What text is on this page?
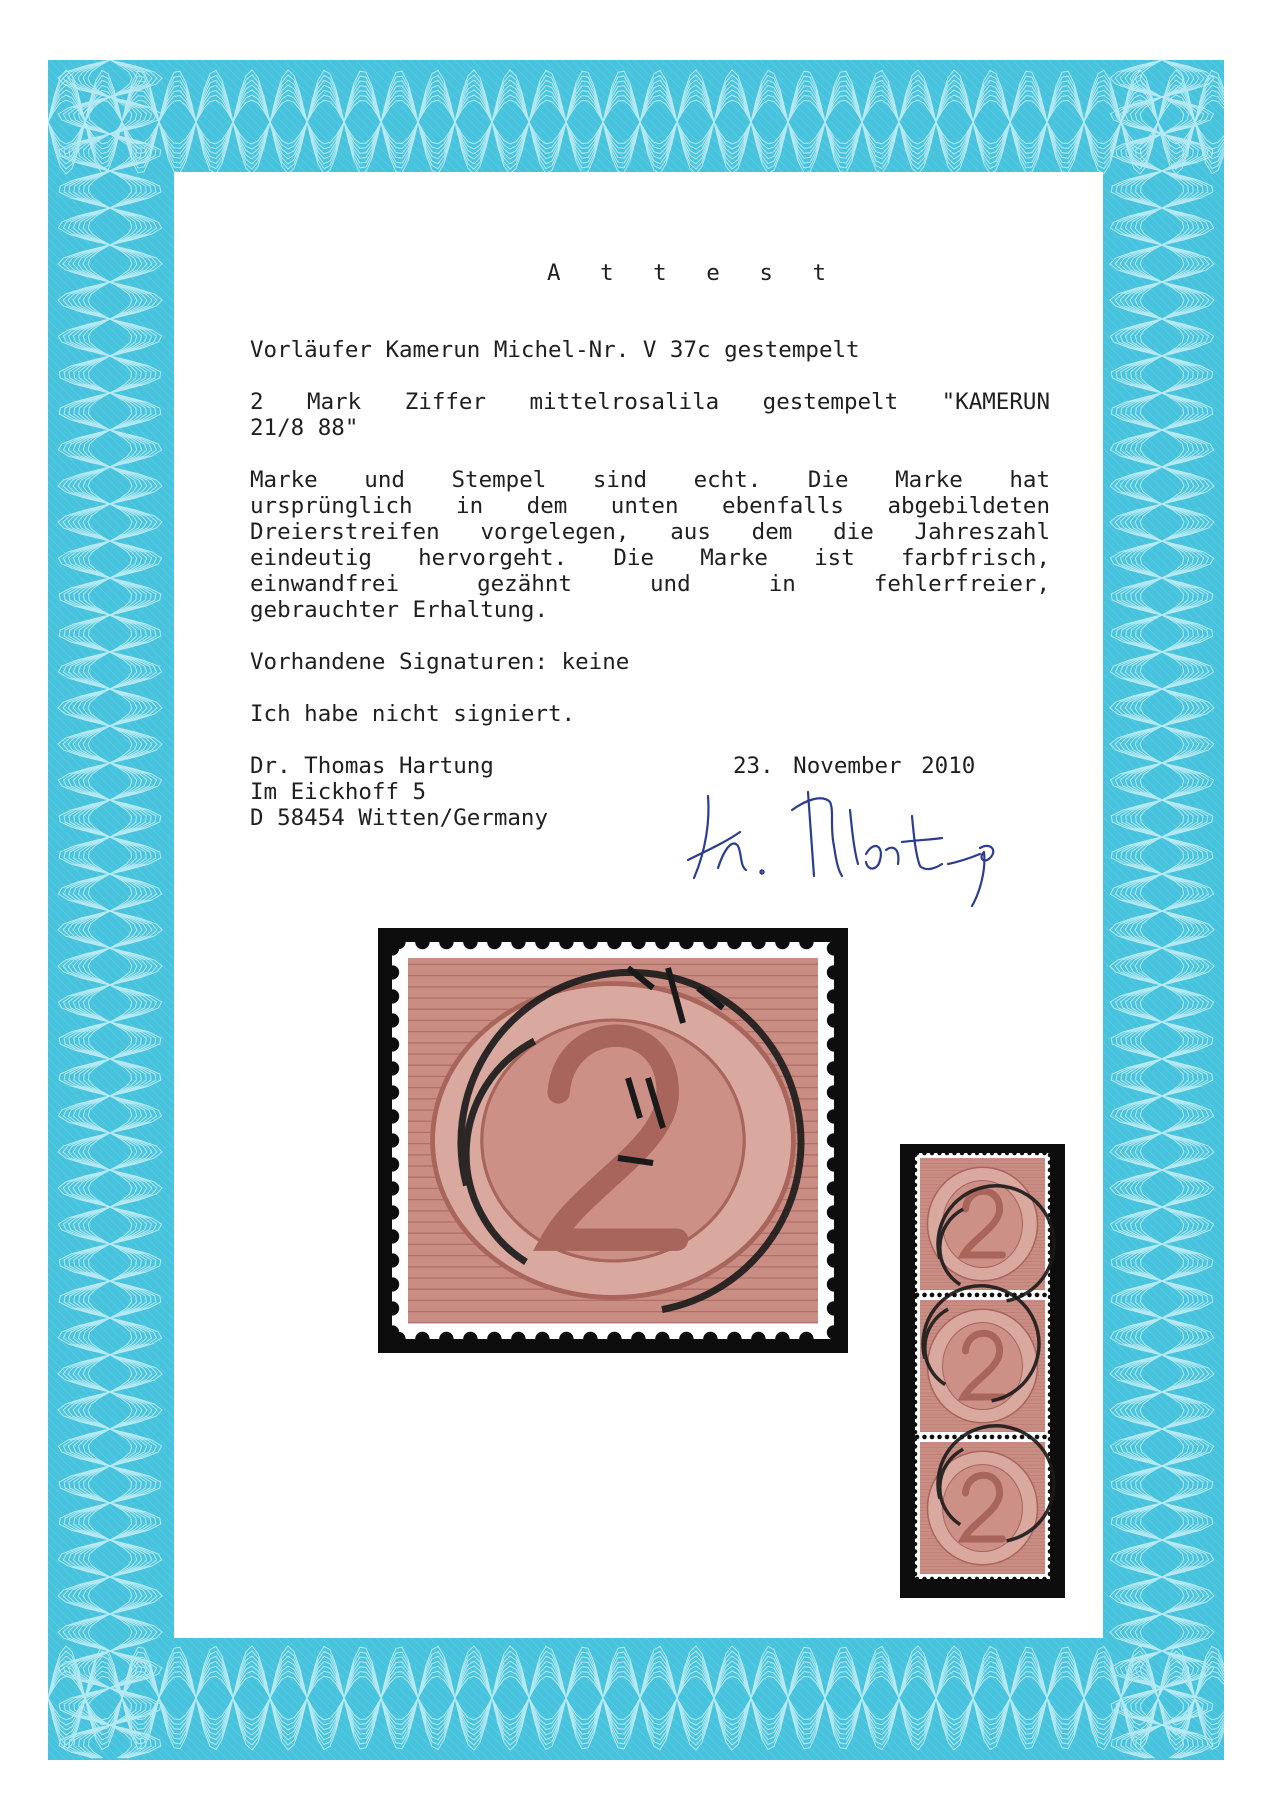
A t t e s t
Vorläufer Kamerun Michel-Nr. V 37c gestempelt
2 Mark Ziffer mittelrosalila gestempelt "KAMERUN
21/8 88"
Marke und Stempel sind echt. Die Marke hat
ursprünglich in dem unten ebenfalls abgebildeten
Dreierstreifen vorgelegen, aus dem die Jahreszahl
eindeutig hervorgeht. Die Marke ist farbfrisch,
einwandfrei gezähnt und in fehlerfreier,
gebrauchter Erhaltung.
Vorhandene Signaturen: keine
Ich habe nicht signiert.
Dr. Thomas Hartung	23. November 2010
Im Eickhoff 5
D 58454 Witten/Germany
